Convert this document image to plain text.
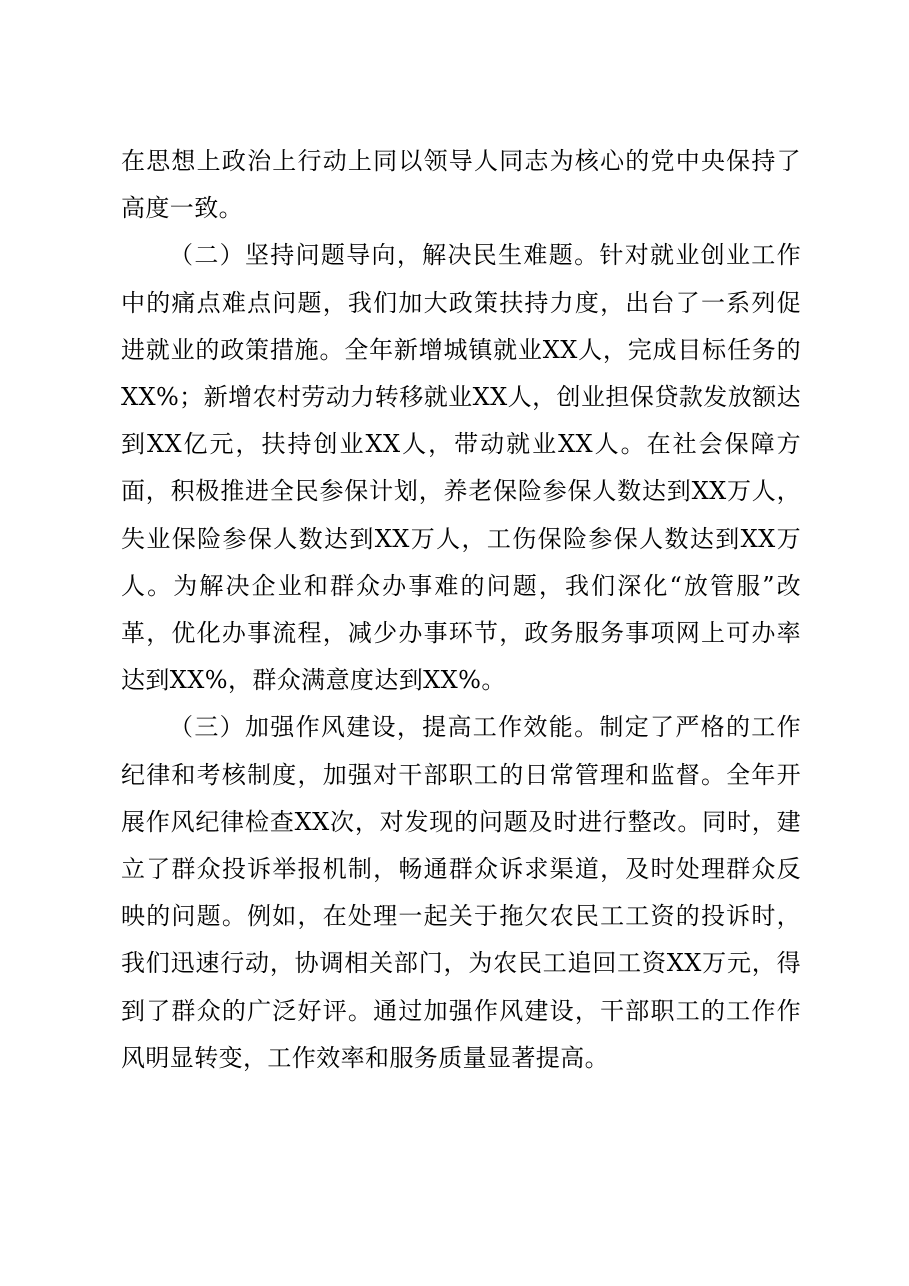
在思想上政治上行动上同以领导人同志为核心的党中央保持了高度一致。

（二）坚持问题导向，解决民生难题。针对就业创业工作中的痛点难点问题，我们加大政策扶持力度，出台了一系列促进就业的政策措施。全年新增城镇就业XX人，完成目标任务的XX%；新增农村劳动力转移就业XX人，创业担保贷款发放额达到XX亿元，扶持创业XX人，带动就业XX人。在社会保障方面，积极推进全民参保计划，养老保险参保人数达到XX万人，失业保险参保人数达到XX万人，工伤保险参保人数达到XX万人。为解决企业和群众办事难的问题，我们深化“放管服”改革，优化办事流程，减少办事环节，政务服务事项网上可办率达到XX%，群众满意度达到XX%。

（三）加强作风建设，提高工作效能。制定了严格的工作纪律和考核制度，加强对干部职工的日常管理和监督。全年开展作风纪律检查XX次，对发现的问题及时进行整改。同时，建立了群众投诉举报机制，畅通群众诉求渠道，及时处理群众反映的问题。例如，在处理一起关于拖欠农民工工资的投诉时，我们迅速行动，协调相关部门，为农民工追回工资XX万元，得到了群众的广泛好评。通过加强作风建设，干部职工的工作作风明显转变，工作效率和服务质量显著提高。
